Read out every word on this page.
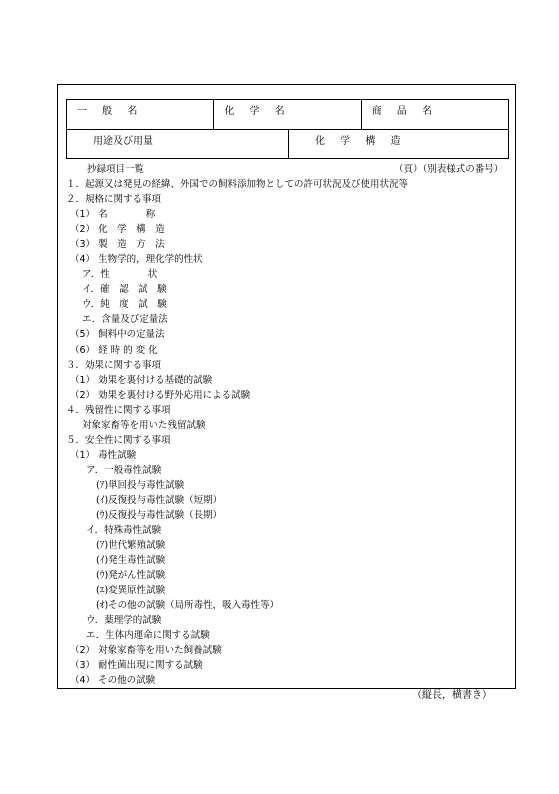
一 般 名	化 学 名	商 品 名
用途及び用量	化 学 構 造
抄録項目一覧	（頁）（別表様式の番号）
１．起源又は発見の経緯、外国での飼料添加物としての許可状況及び使用状況等
２．規格に関する事項
（1） 名　　　　称
（2） 化　学　構　造
（3） 製　造　方　法
（4） 生物学的，理化学的性状
ア．性　　　　状
イ．確　認　試　験
ウ．純　度　試　験
エ．含量及び定量法
（5） 飼料中の定量法
（6） 経 時 的 変 化
３．効果に関する事項
（1） 効果を裏付ける基礎的試験
（2） 効果を裏付ける野外応用による試験
４．残留性に関する事項
対象家畜等を用いた残留試験
５．安全性に関する事項
（1） 毒性試験
ア．一般毒性試験
(ｱ)単回投与毒性試験
(ｲ)反復投与毒性試験（短期）
(ｳ)反復投与毒性試験（長期）
イ．特殊毒性試験
(ｱ)世代繁殖試験
(ｲ)発生毒性試験
(ｳ)発がん性試験
(ｴ)変異原性試験
(ｵ)その他の試験（局所毒性，吸入毒性等）
ウ．薬理学的試験
エ．生体内運命に関する試験
（2） 対象家畜等を用いた飼養試験
（3） 耐性菌出現に関する試験
（4） その他の試験
（縦長，横書き）
